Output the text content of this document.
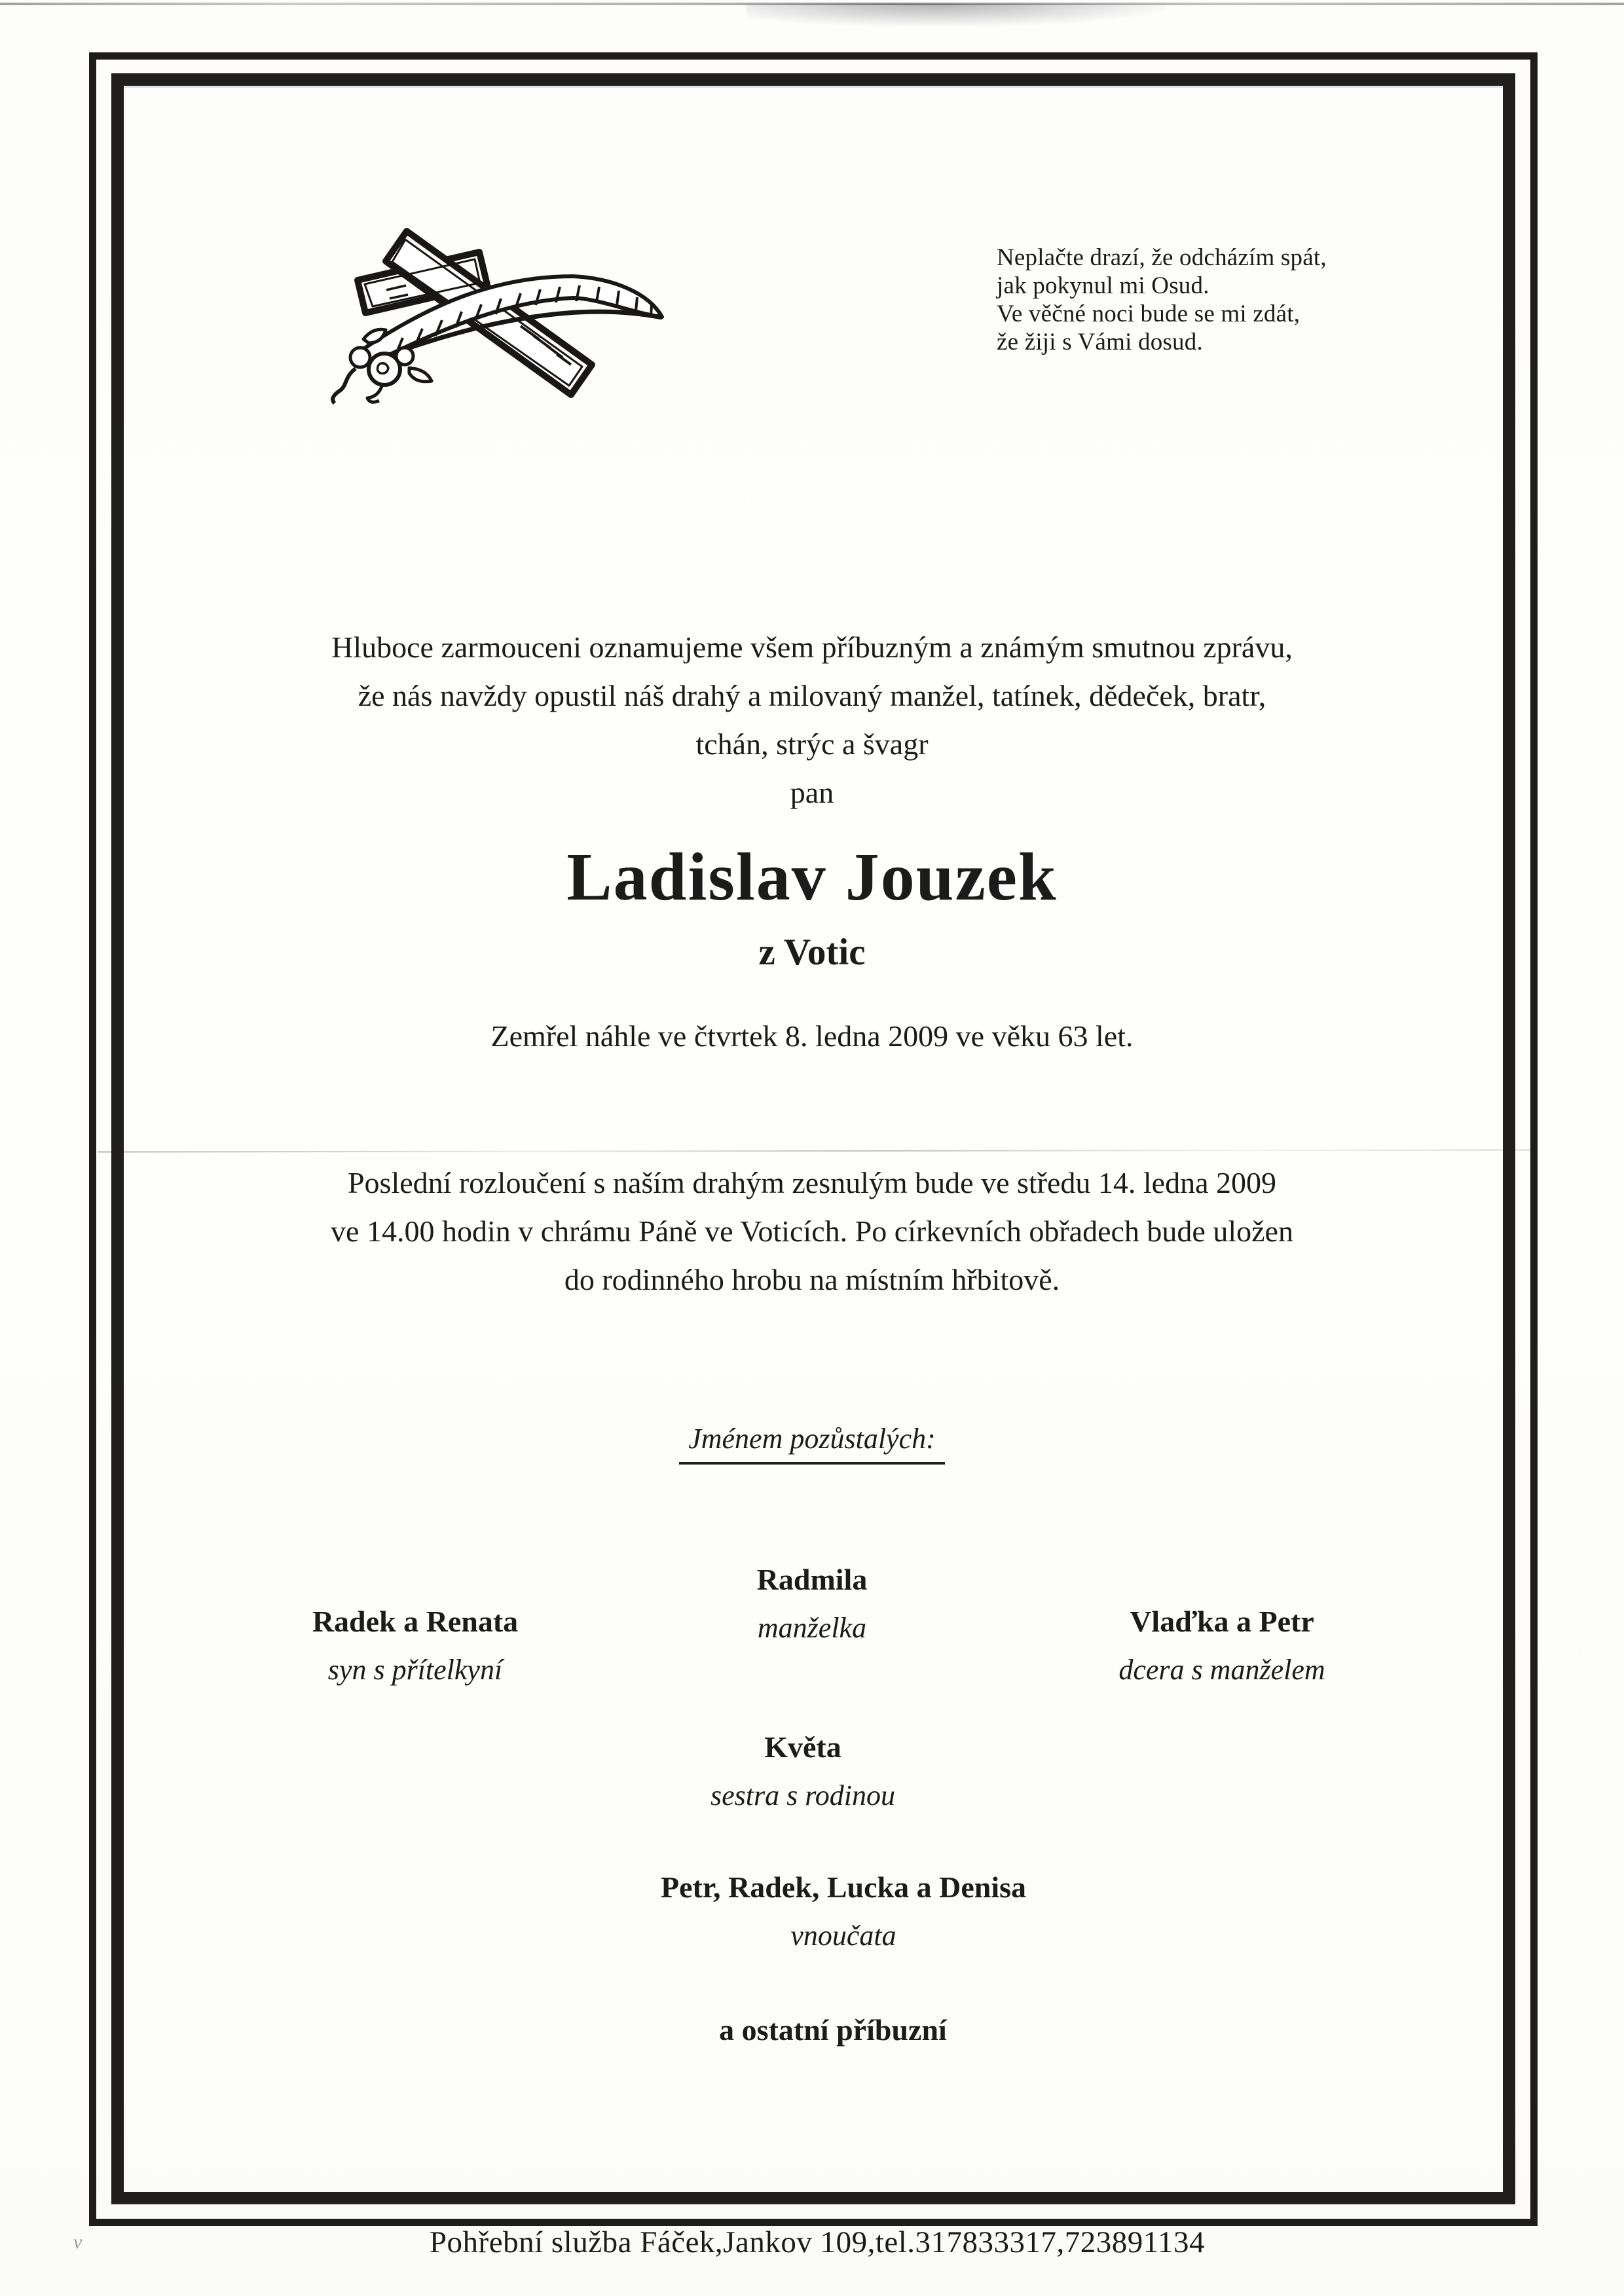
v
Neplačte drazí, že odcházím spát,
jak pokynul mi Osud.
Ve věčné noci bude se mi zdát,
že žiji s Vámi dosud.
Hluboce zarmouceni oznamujeme všem příbuzným a známým smutnou zprávu,
že nás navždy opustil náš drahý a milovaný manžel, tatínek, dědeček, bratr,
tchán, strýc a švagr
pan
Ladislav Jouzek
z Votic
Zemřel náhle ve čtvrtek 8. ledna 2009 ve věku 63 let.
Poslední rozloučení s naším drahým zesnulým bude ve středu 14. ledna 2009
ve 14.00 hodin v chrámu Páně ve Voticích. Po církevních obřadech bude uložen
do rodinného hrobu na místním hřbitově.
Jménem pozůstalých:
Radmila
manželka
Radek a Renata
syn s přítelkyní
Vlaďka a Petr
dcera s manželem
Květa
sestra s rodinou
Petr, Radek, Lucka a Denisa
vnoučata
a ostatní příbuzní
Pohřební služba Fáček,Jankov 109,tel.317833317,723891134
